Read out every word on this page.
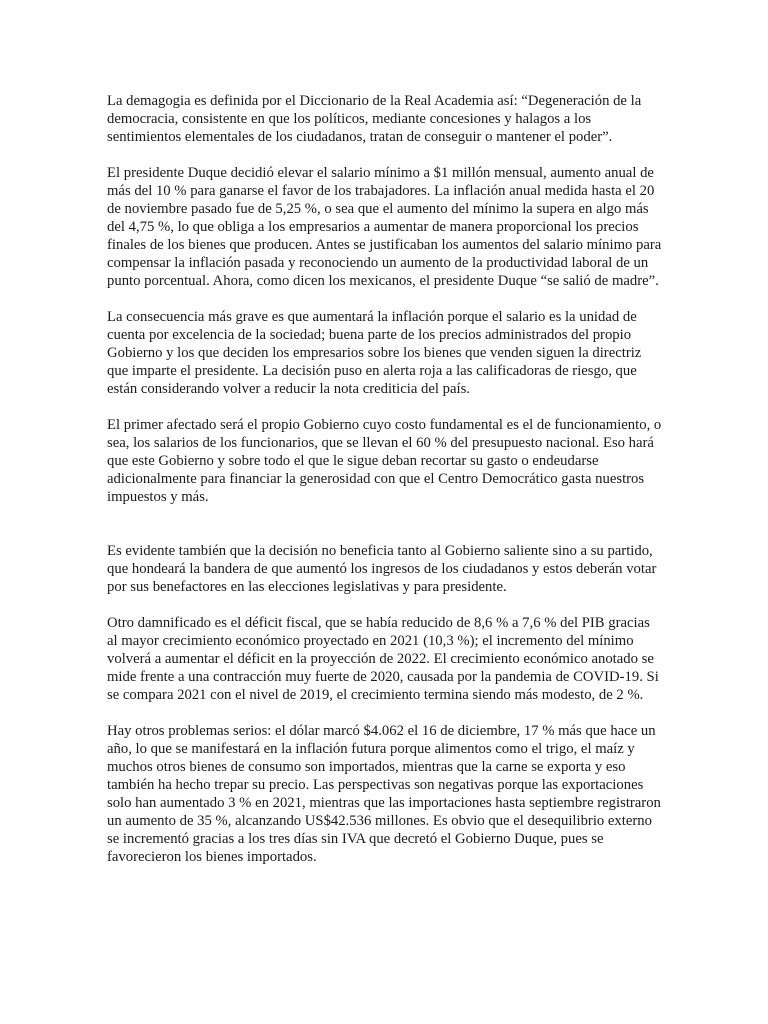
La demagogia es definida por el Diccionario de la Real Academia así: “Degeneración de la democracia, consistente en que los políticos, mediante concesiones y halagos a los sentimientos elementales de los ciudadanos, tratan de conseguir o mantener el poder”.

El presidente Duque decidió elevar el salario mínimo a $1 millón mensual, aumento anual de más del 10 % para ganarse el favor de los trabajadores. La inflación anual medida hasta el 20 de noviembre pasado fue de 5,25 %, o sea que el aumento del mínimo la supera en algo más del 4,75 %, lo que obliga a los empresarios a aumentar de manera proporcional los precios finales de los bienes que producen. Antes se justificaban los aumentos del salario mínimo para compensar la inflación pasada y reconociendo un aumento de la productividad laboral de un punto porcentual. Ahora, como dicen los mexicanos, el presidente Duque “se salió de madre”.

La consecuencia más grave es que aumentará la inflación porque el salario es la unidad de cuenta por excelencia de la sociedad; buena parte de los precios administrados del propio Gobierno y los que deciden los empresarios sobre los bienes que venden siguen la directriz que imparte el presidente. La decisión puso en alerta roja a las calificadoras de riesgo, que están considerando volver a reducir la nota crediticia del país.

El primer afectado será el propio Gobierno cuyo costo fundamental es el de funcionamiento, o sea, los salarios de los funcionarios, que se llevan el 60 % del presupuesto nacional. Eso hará que este Gobierno y sobre todo el que le sigue deban recortar su gasto o endeudarse adicionalmente para financiar la generosidad con que el Centro Democrático gasta nuestros impuestos y más.

Es evidente también que la decisión no beneficia tanto al Gobierno saliente sino a su partido, que hondeará la bandera de que aumentó los ingresos de los ciudadanos y estos deberán votar por sus benefactores en las elecciones legislativas y para presidente.

Otro damnificado es el déficit fiscal, que se había reducido de 8,6 % a 7,6 % del PIB gracias al mayor crecimiento económico proyectado en 2021 (10,3 %); el incremento del mínimo volverá a aumentar el déficit en la proyección de 2022. El crecimiento económico anotado se mide frente a una contracción muy fuerte de 2020, causada por la pandemia de COVID-19. Si se compara 2021 con el nivel de 2019, el crecimiento termina siendo más modesto, de 2 %.

Hay otros problemas serios: el dólar marcó $4.062 el 16 de diciembre, 17 % más que hace un año, lo que se manifestará en la inflación futura porque alimentos como el trigo, el maíz y muchos otros bienes de consumo son importados, mientras que la carne se exporta y eso también ha hecho trepar su precio. Las perspectivas son negativas porque las exportaciones solo han aumentado 3 % en 2021, mientras que las importaciones hasta septiembre registraron un aumento de 35 %, alcanzando US$42.536 millones. Es obvio que el desequilibrio externo se incrementó gracias a los tres días sin IVA que decretó el Gobierno Duque, pues se favorecieron los bienes importados.
